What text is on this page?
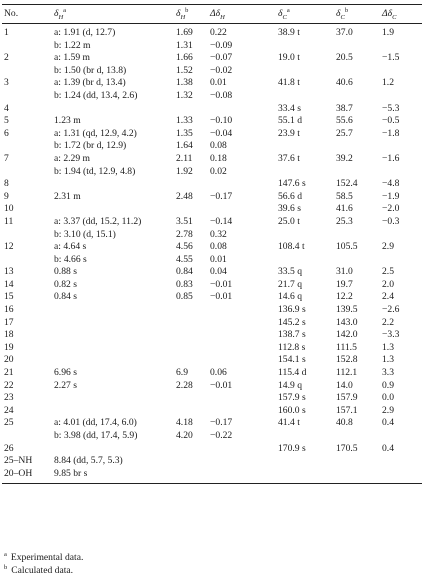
No.	$\delta_H^a$	$\delta_H^b$	$\Delta\delta_H$	$\delta_C^a$	$\delta_C^b$	$\Delta\delta_C$
1	a: 1.91 (d, 12.7)	1.69	0.22	38.9 t	37.0	1.9
	b: 1.22 m	1.31	−0.09			
2	a: 1.59 m	1.66	−0.07	19.0 t	20.5	−1.5
	b: 1.50 (br d, 13.8)	1.52	−0.02			
3	a: 1.39 (br d, 13.4)	1.38	0.01	41.8 t	40.6	1.2
	b: 1.24 (dd, 13.4, 2.6)	1.32	−0.08			
4				33.4 s	38.7	−5.3
5	1.23 m	1.33	−0.10	55.1 d	55.6	−0.5
6	a: 1.31 (qd, 12.9, 4.2)	1.35	−0.04	23.9 t	25.7	−1.8
	b: 1.72 (br d, 12.9)	1.64	0.08			
7	a: 2.29 m	2.11	0.18	37.6 t	39.2	−1.6
	b: 1.94 (td, 12.9, 4.8)	1.92	0.02			
8				147.6 s	152.4	−4.8
9	2.31 m	2.48	−0.17	56.6 d	58.5	−1.9
10				39.6 s	41.6	−2.0
11	a: 3.37 (dd, 15.2, 11.2)	3.51	−0.14	25.0 t	25.3	−0.3
	b: 3.10 (d, 15.1)	2.78	0.32			
12	a: 4.64 s	4.56	0.08	108.4 t	105.5	2.9
	b: 4.66 s	4.55	0.01			
13	0.88 s	0.84	0.04	33.5 q	31.0	2.5
14	0.82 s	0.83	−0.01	21.7 q	19.7	2.0
15	0.84 s	0.85	−0.01	14.6 q	12.2	2.4
16				136.9 s	139.5	−2.6
17				145.2 s	143.0	2.2
18				138.7 s	142.0	−3.3
19				112.8 s	111.5	1.3
20				154.1 s	152.8	1.3
21	6.96 s	6.9	0.06	115.4 d	112.1	3.3
22	2.27 s	2.28	−0.01	14.9 q	14.0	0.9
23				157.9 s	157.9	0.0
24				160.0 s	157.1	2.9
25	a: 4.01 (dd, 17.4, 6.0)	4.18	−0.17	41.4 t	40.8	0.4
	b: 3.98 (dd, 17.4, 5.9)	4.20	−0.22			
26				170.9 s	170.5	0.4
25–NH	8.84 (dd, 5.7, 5.3)					
20–OH	9.85 br s					
$^a$ Experimental data.
$^b$ Calculated data.
